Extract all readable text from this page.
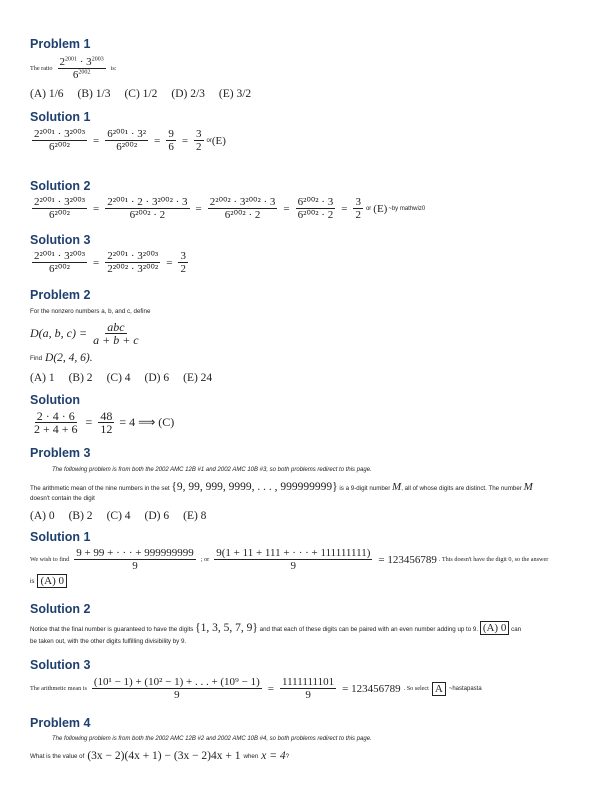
Problem 1
The ratio $\frac{2^{2001} \cdot 3^{2003}}{6^{2002}}$ is:
(A) 1/6 (B) 1/3 (C) 1/2 (D) 2/3 (E) 3/2
Solution 1
$\frac{\text{2²⁰⁰¹ · 3²⁰⁰³}}{\text{6²⁰⁰²}} = \frac{\text{6²⁰⁰¹ · 3²}}{\text{6²⁰⁰²}} = \frac{9}{6} = \frac{3}{2}$ or (E)
Solution 2
$\frac{\text{2²⁰⁰¹ · 3²⁰⁰³}}{\text{6²⁰⁰²}} = \frac{\text{2²⁰⁰¹ · 2 · 3²⁰⁰² · 3}}{\text{6²⁰⁰² · 2}} = \frac{\text{2²⁰⁰² · 3²⁰⁰² · 3}}{\text{6²⁰⁰² · 2}} = \frac{\text{6²⁰⁰² · 3}}{\text{6²⁰⁰² · 2}} = \frac{3}{2}$ or (E) ~by mathwiz0
Solution 3
$\frac{\text{2²⁰⁰¹ · 3²⁰⁰³}}{\text{6²⁰⁰²}} = \frac{\text{2²⁰⁰¹ · 3²⁰⁰³}}{\text{2²⁰⁰² · 3²⁰⁰²}} = \frac{3}{2}$
Problem 2
For the nonzero numbers a, b, and c, define
D(a, b, $c) = \frac{\text{abc}}{a + b + c}$
Find D(2, 4, 6).
(A) 1 (B) 2 (C) 4 (D) 6 (E) 24
Solution
$\frac{2 \cdot 4 \cdot 6}{2 + 4 + 6} = \frac{48}{12} = 4$ ⟹ (C)
Problem 3
The following problem is from both the 2002 AMC 12B #1 and 2002 AMC 10B #3, so both problems redirect to this page.
The arithmetic mean of the nine numbers in the set {9, 99, 999, 9999, . . . , 999999999} is a 9-digit number M, all of whose digits are distinct. The number M
doesn't contain the digit
(A) 0 (B) 2 (C) 4 (D) 6 (E) 8
Solution 1
We wish to find $\frac{9 + 99 + \cdot \cdot \cdot + 999999999}{9}$ ; or $\frac{9(1 + 11 + 111 + \cdot \cdot \cdot + 111111111)}{9} = 123456789$ . This doesn't have the digit 0, so the answer
is (A) 0
Solution 2
Notice that the final number is guaranteed to have the digits {1, 3, 5, 7, 9} and that each of these digits can be paired with an even number adding up to 9. (A) 0 can
be taken out, with the other digits fulfilling divisibility by 9.
Solution 3
The arithmetic mean is $\frac{\text{(10¹ − 1) + (10² − 1) + . . . + (10⁹ − 1)}}{9} = \frac{1111111101}{9} = 123456789$ . So select A	~hastapasta
Problem 4
The following problem is from both the 2002 AMC 12B #2 and 2002 AMC 10B #4, so both problems redirect to this page.
What is the value of (3x − 2)(4x + 1) − (3x − 2)4x + 1 when x = 4 ?
